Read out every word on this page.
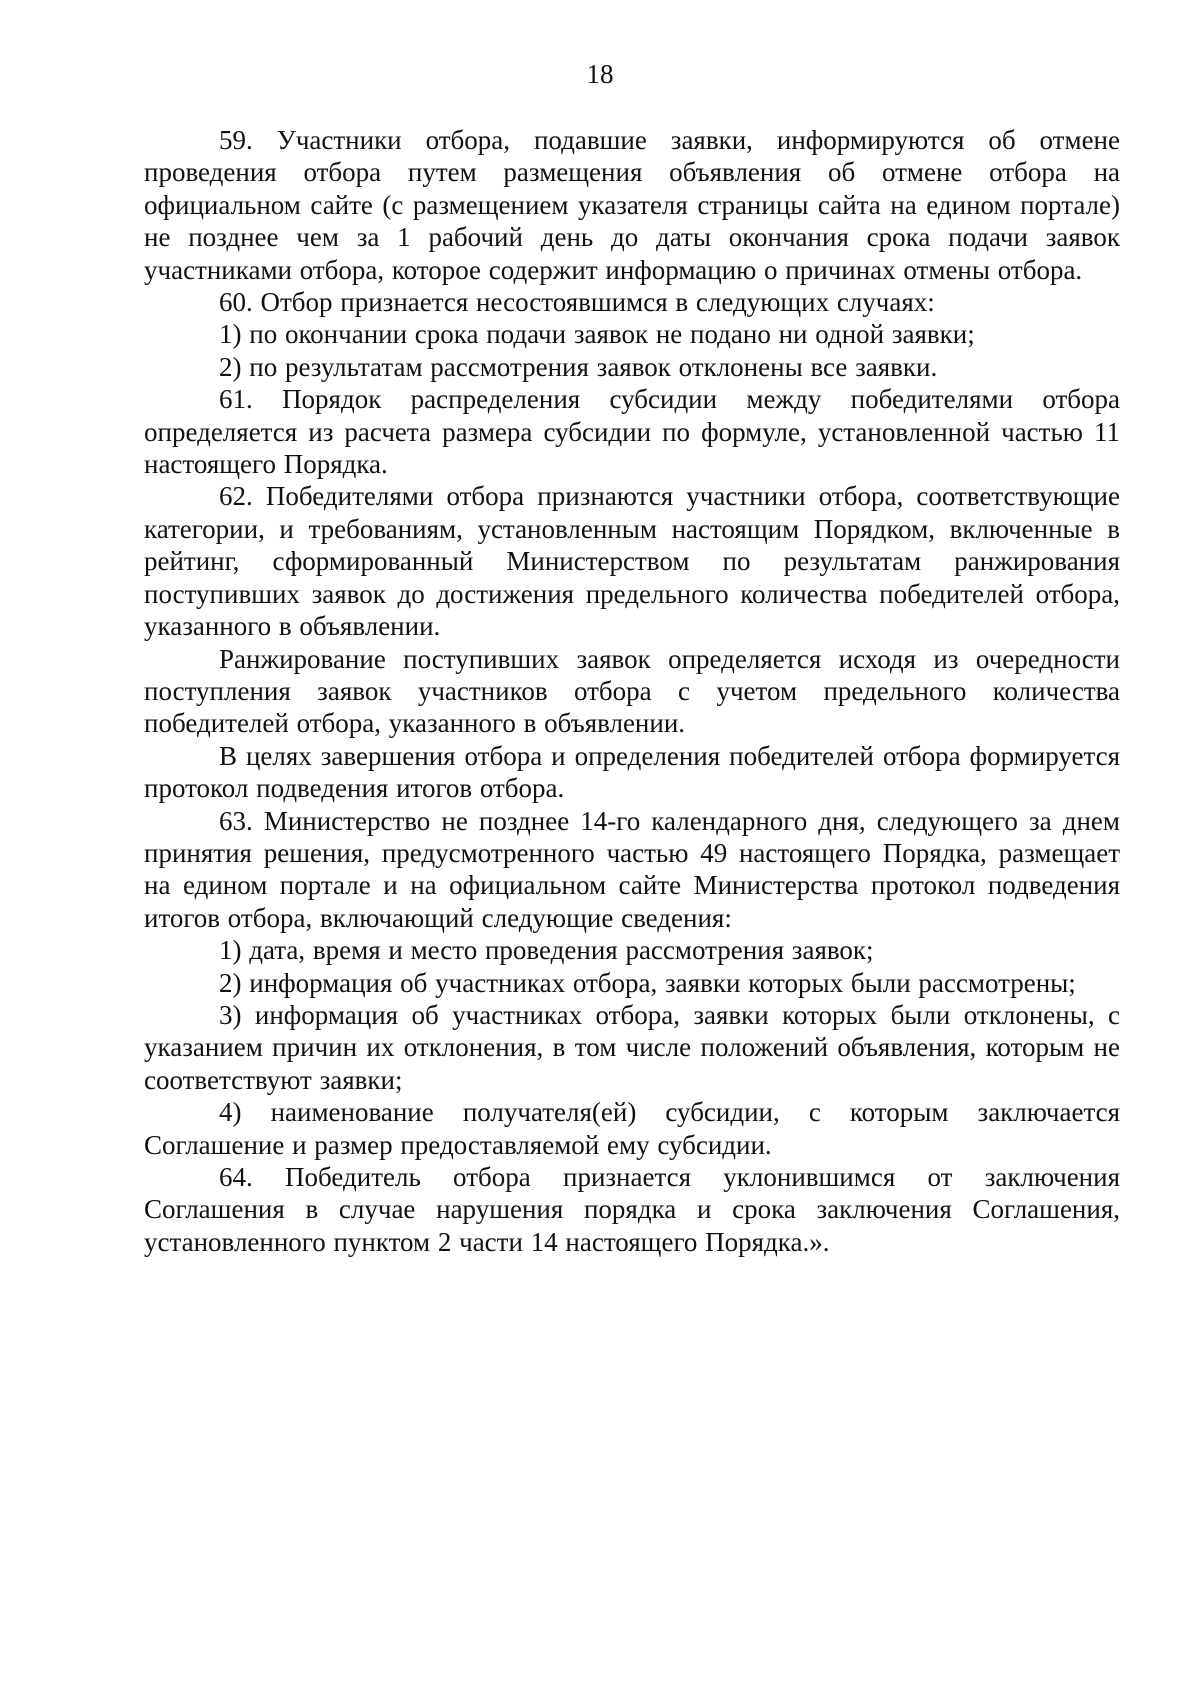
18

59. Участники отбора, подавшие заявки, информируются об отмене проведения отбора путем размещения объявления об отмене отбора на официальном сайте (с размещением указателя страницы сайта на едином портале) не позднее чем за 1 рабочий день до даты окончания срока подачи заявок участниками отбора, которое содержит информацию о причинах отмены отбора.

60. Отбор признается несостоявшимся в следующих случаях:

1) по окончании срока подачи заявок не подано ни одной заявки;

2) по результатам рассмотрения заявок отклонены все заявки.

61. Порядок распределения субсидии между победителями отбора определяется из расчета размера субсидии по формуле, установленной частью 11 настоящего Порядка.

62. Победителями отбора признаются участники отбора, соответствующие категории, и требованиям, установленным настоящим Порядком, включенные в рейтинг, сформированный Министерством по результатам ранжирования поступивших заявок до достижения предельного количества победителей отбора, указанного в объявлении.

Ранжирование поступивших заявок определяется исходя из очередности поступления заявок участников отбора с учетом предельного количества победителей отбора, указанного в объявлении.

В целях завершения отбора и определения победителей отбора формируется протокол подведения итогов отбора.

63. Министерство не позднее 14-го календарного дня, следующего за днем принятия решения, предусмотренного частью 49 настоящего Порядка, размещает на едином портале и на официальном сайте Министерства протокол подведения итогов отбора, включающий следующие сведения:

1) дата, время и место проведения рассмотрения заявок;

2) информация об участниках отбора, заявки которых были рассмотрены;

3) информация об участниках отбора, заявки которых были отклонены, с указанием причин их отклонения, в том числе положений объявления, которым не соответствуют заявки;

4) наименование получателя(ей) субсидии, с которым заключается Соглашение и размер предоставляемой ему субсидии.

64. Победитель отбора признается уклонившимся от заключения Соглашения в случае нарушения порядка и срока заключения Соглашения, установленного пунктом 2 части 14 настоящего Порядка.».
